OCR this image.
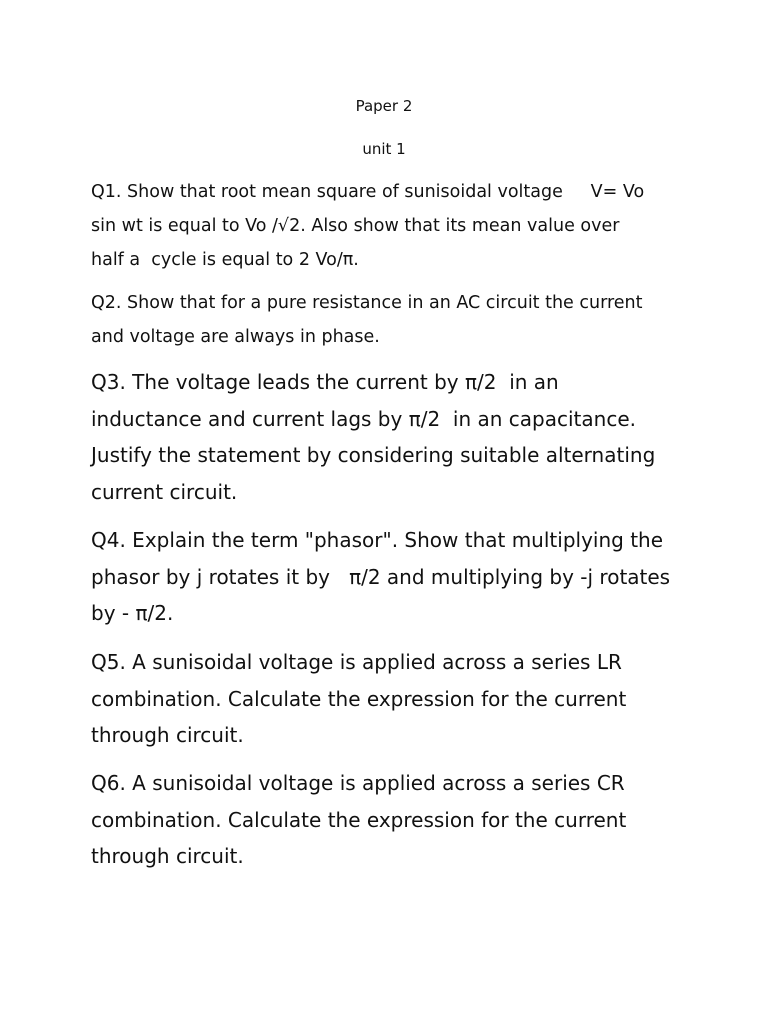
Paper 2
unit 1
Q1. Show that root mean square of sunisoidal voltage     V= Vo
sin wt is equal to Vo /√2. Also show that its mean value over
half a  cycle is equal to 2 Vo/π.
Q2. Show that for a pure resistance in an AC circuit the current
and voltage are always in phase.
Q3. The voltage leads the current by π/2  in an
inductance and current lags by π/2  in an capacitance.
Justify the statement by considering suitable alternating
current circuit.
Q4. Explain the term "phasor". Show that multiplying the
phasor by j rotates it by   π/2 and multiplying by -j rotates
by - π/2.
Q5. A sunisoidal voltage is applied across a series LR
combination. Calculate the expression for the current
through circuit.
Q6. A sunisoidal voltage is applied across a series CR
combination. Calculate the expression for the current
through circuit.
